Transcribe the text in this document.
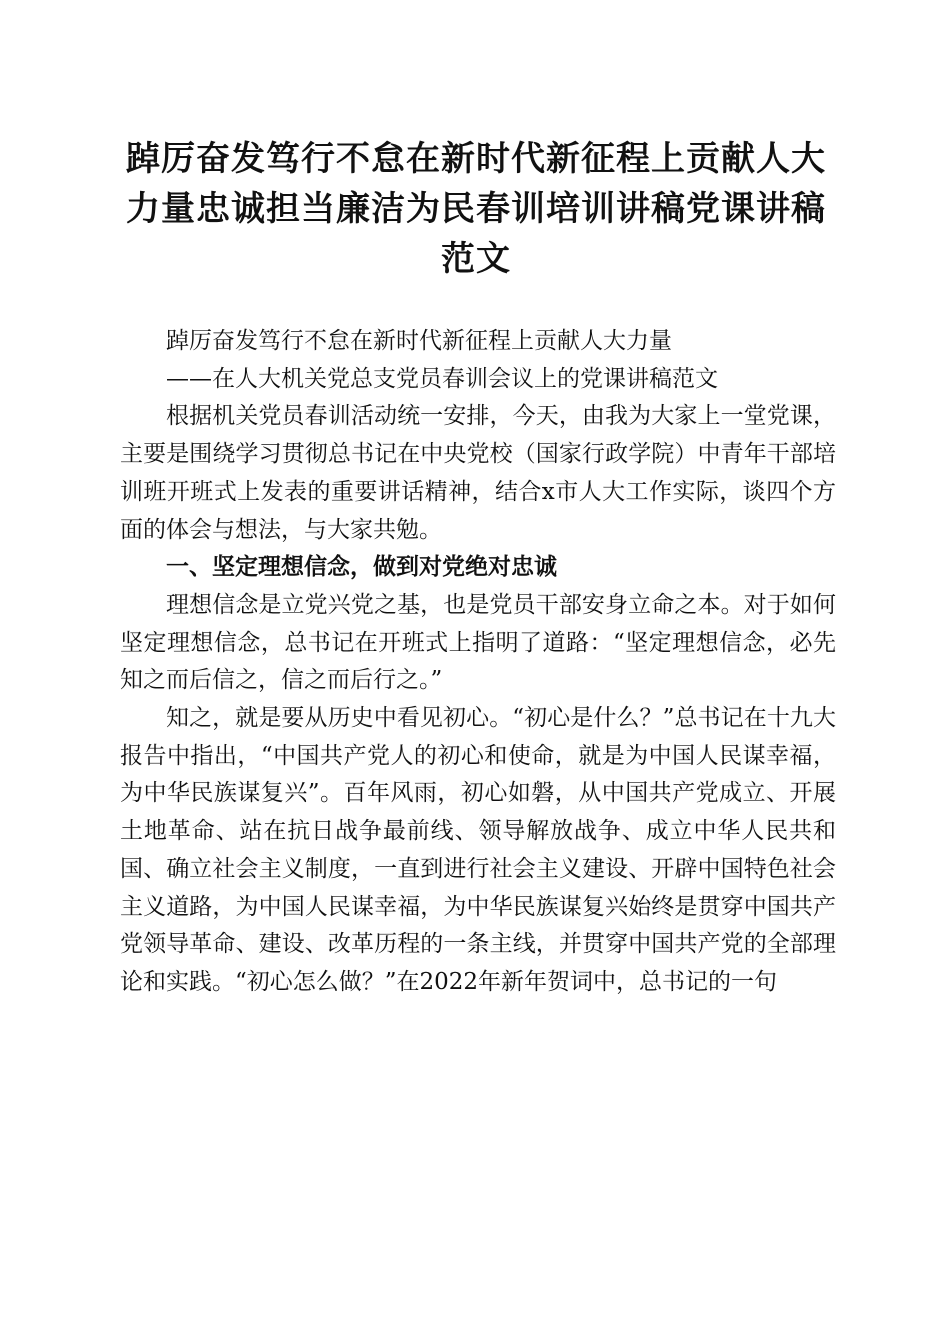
踔厉奋发笃行不怠在新时代新征程上贡献人大
力量忠诚担当廉洁为民春训培训讲稿党课讲稿
范文

踔厉奋发笃行不怠在新时代新征程上贡献人大力量

——在人大机关党总支党员春训会议上的党课讲稿范文

根据机关党员春训活动统一安排，今天，由我为大家上一堂党课，主要是围绕学习贯彻总书记在中央党校（国家行政学院）中青年干部培训班开班式上发表的重要讲话精神，结合x市人大工作实际，谈四个方面的体会与想法，与大家共勉。

一、坚定理想信念，做到对党绝对忠诚

理想信念是立党兴党之基，也是党员干部安身立命之本。对于如何坚定理想信念，总书记在开班式上指明了道路：“坚定理想信念，必先知之而后信之，信之而后行之。”

知之，就是要从历史中看见初心。“初心是什么？”总书记在十九大报告中指出，“中国共产党人的初心和使命，就是为中国人民谋幸福，为中华民族谋复兴”。百年风雨，初心如磐，从中国共产党成立、开展土地革命、站在抗日战争最前线、领导解放战争、成立中华人民共和国、确立社会主义制度，一直到进行社会主义建设、开辟中国特色社会主义道路，为中国人民谋幸福，为中华民族谋复兴始终是贯穿中国共产党领导革命、建设、改革历程的一条主线，并贯穿中国共产党的全部理论和实践。“初心怎么做？”在2022年新年贺词中，总书记的一句
